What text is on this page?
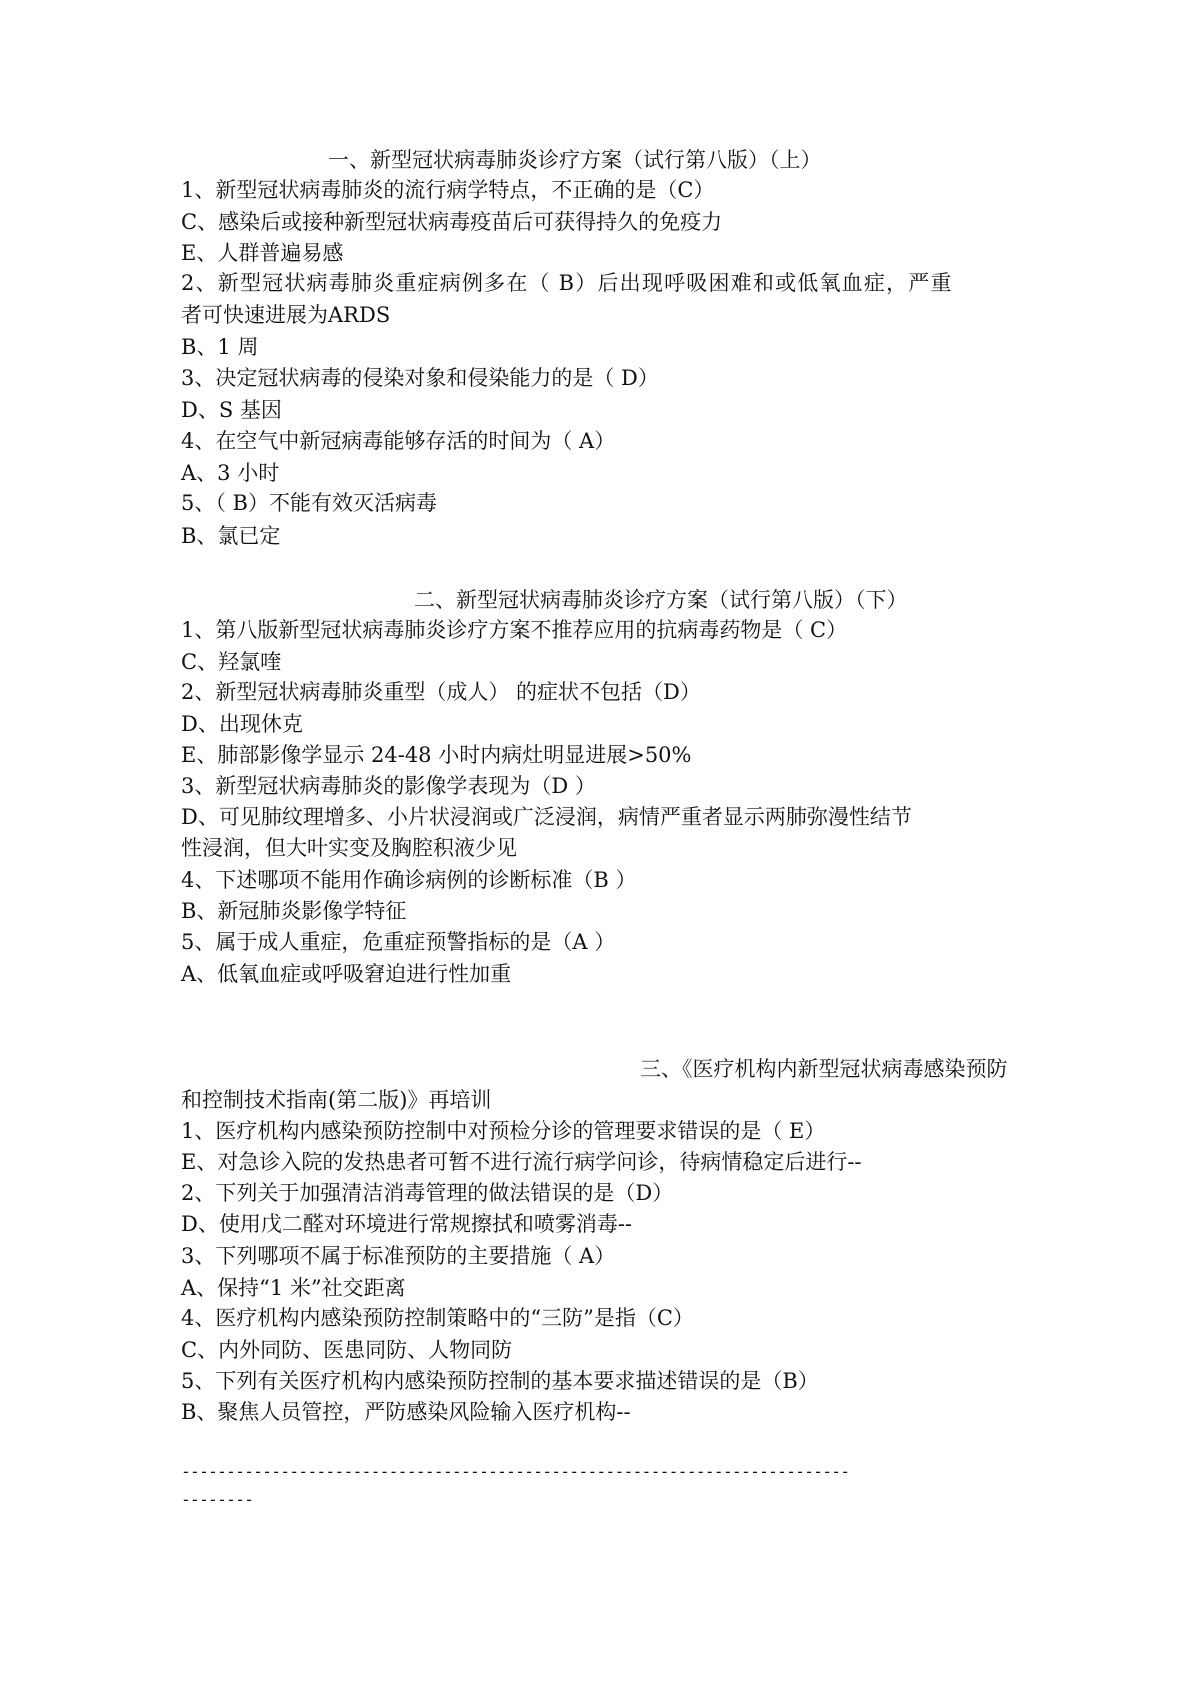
一、新型冠状病毒肺炎诊疗方案（试行第八版）（上）
1、新型冠状病毒肺炎的流行病学特点，不正确的是（C）
C、感染后或接种新型冠状病毒疫苗后可获得持久的免疫力
E、人群普遍易感
2、新型冠状病毒肺炎重症病例多在（ B）后出现呼吸困难和或低氧血症，严重
者可快速进展为ARDS
B、1 周
3、决定冠状病毒的侵染对象和侵染能力的是（ D）
D、S 基因
4、在空气中新冠病毒能够存活的时间为（ A）
A、3 小时
5、（ B）不能有效灭活病毒
B、氯已定
二、新型冠状病毒肺炎诊疗方案（试行第八版）（下）
1、第八版新型冠状病毒肺炎诊疗方案不推荐应用的抗病毒药物是（ C）
C、羟氯喹
2、新型冠状病毒肺炎重型（成人） 的症状不包括（D）
D、出现休克
E、肺部影像学显示 24-48 小时内病灶明显进展>50%
3、新型冠状病毒肺炎的影像学表现为（D ）
D、可见肺纹理增多、小片状浸润或广泛浸润，病情严重者显示两肺弥漫性结节
性浸润，但大叶实变及胸腔积液少见
4、下述哪项不能用作确诊病例的诊断标准（B ）
B、新冠肺炎影像学特征
5、属于成人重症，危重症预警指标的是（A ）
A、低氧血症或呼吸窘迫进行性加重
三、《医疗机构内新型冠状病毒感染预防
和控制技术指南(第二版)》再培训
1、医疗机构内感染预防控制中对预检分诊的管理要求错误的是（ E）
E、对急诊入院的发热患者可暂不进行流行病学问诊，待病情稳定后进行--
2、下列关于加强清洁消毒管理的做法错误的是（D）
D、使用戊二醛对环境进行常规擦拭和喷雾消毒--
3、下列哪项不属于标准预防的主要措施（ A）
A、保持“1 米”社交距离
4、医疗机构内感染预防控制策略中的“三防”是指（C）
C、内外同防、医患同防、人物同防
5、下列有关医疗机构内感染预防控制的基本要求描述错误的是（B）
B、聚焦人员管控，严防感染风险输入医疗机构--
--------------------------------------------------------------------------
--------
